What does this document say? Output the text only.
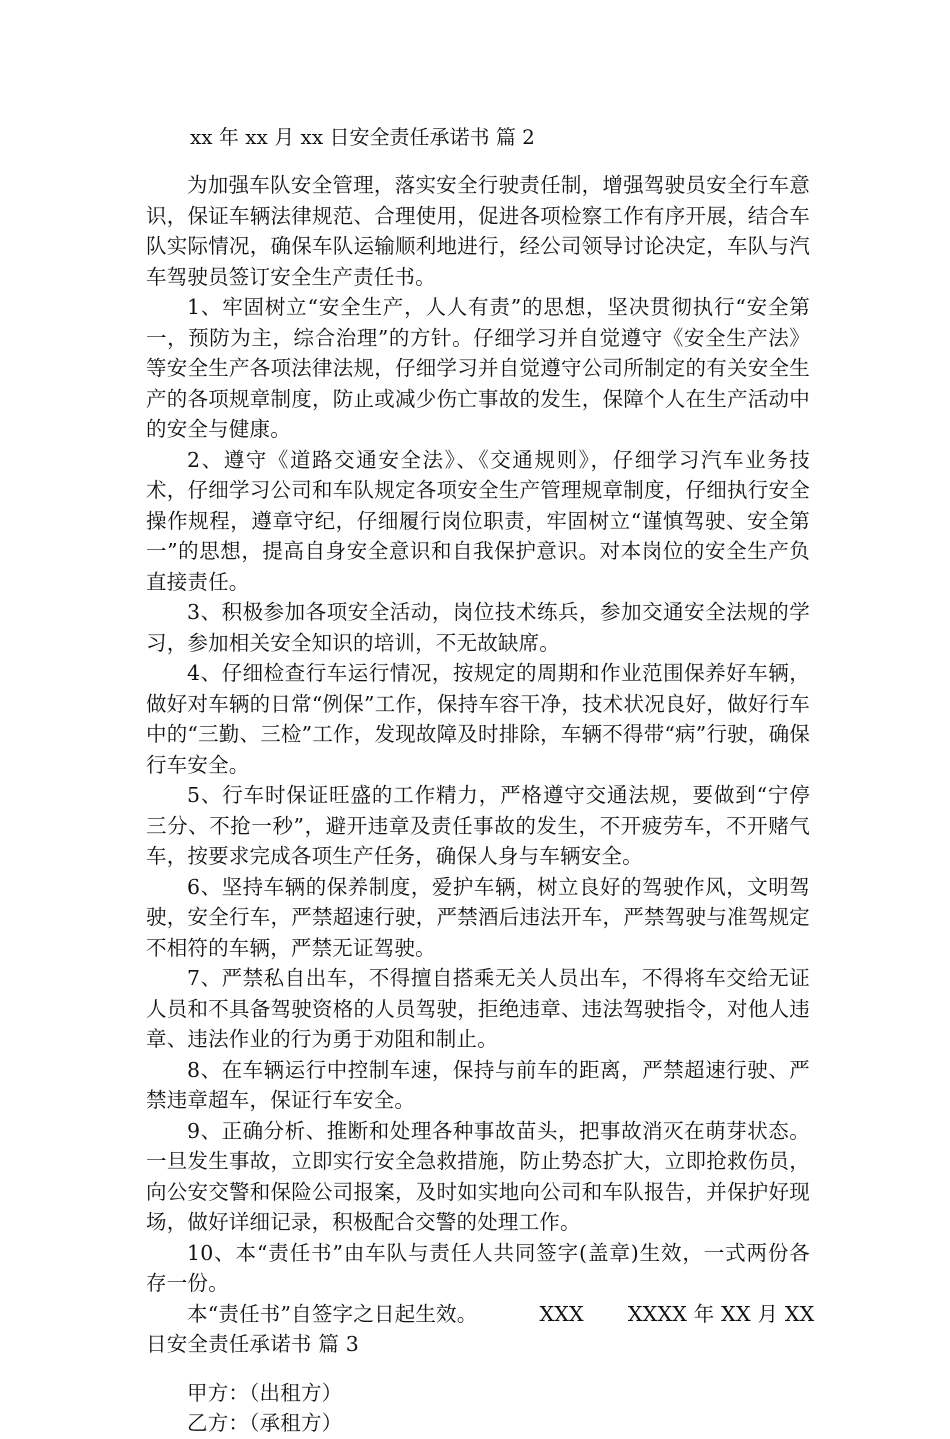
xx 年 xx 月 xx 日安全责任承诺书 篇 2

为加强车队安全管理，落实安全行驶责任制，增强驾驶员安全行车意识，保证车辆法律规范、合理使用，促进各项检察工作有序开展，结合车队实际情况，确保车队运输顺利地进行，经公司领导讨论决定，车队与汽车驾驶员签订安全生产责任书。

1、牢固树立“安全生产，人人有责”的思想，坚决贯彻执行“安全第一，预防为主，综合治理”的方针。仔细学习并自觉遵守《安全生产法》等安全生产各项法律法规，仔细学习并自觉遵守公司所制定的有关安全生产的各项规章制度，防止或减少伤亡事故的发生，保障个人在生产活动中的安全与健康。

2、遵守《道路交通安全法》、《交通规则》，仔细学习汽车业务技术，仔细学习公司和车队规定各项安全生产管理规章制度，仔细执行安全操作规程，遵章守纪，仔细履行岗位职责，牢固树立“谨慎驾驶、安全第一”的思想，提高自身安全意识和自我保护意识。对本岗位的安全生产负直接责任。

3、积极参加各项安全活动，岗位技术练兵，参加交通安全法规的学习，参加相关安全知识的培训，不无故缺席。

4、仔细检查行车运行情况，按规定的周期和作业范围保养好车辆，做好对车辆的日常“例保”工作，保持车容干净，技术状况良好，做好行车中的“三勤、三检”工作，发现故障及时排除，车辆不得带“病”行驶，确保行车安全。

5、行车时保证旺盛的工作精力，严格遵守交通法规，要做到“宁停三分、不抢一秒”，避开违章及责任事故的发生，不开疲劳车，不开赌气车，按要求完成各项生产任务，确保人身与车辆安全。

6、坚持车辆的保养制度，爱护车辆，树立良好的驾驶作风，文明驾驶，安全行车，严禁超速行驶，严禁酒后违法开车，严禁驾驶与准驾规定不相符的车辆，严禁无证驾驶。

7、严禁私自出车，不得擅自搭乘无关人员出车，不得将车交给无证人员和不具备驾驶资格的人员驾驶，拒绝违章、违法驾驶指令，对他人违章、违法作业的行为勇于劝阻和制止。

8、在车辆运行中控制车速，保持与前车的距离，严禁超速行驶、严禁违章超车，保证行车安全。

9、正确分析、推断和处理各种事故苗头，把事故消灭在萌芽状态。一旦发生事故，立即实行安全急救措施，防止势态扩大，立即抢救伤员，向公安交警和保险公司报案，及时如实地向公司和车队报告，并保护好现场，做好详细记录，积极配合交警的处理工作。

10、本“责任书”由车队与责任人共同签字(盖章)生效，一式两份各存一份。

本“责任书”自签字之日起生效。	XXX XXXX 年 XX 月 XX

日安全责任承诺书 篇 3

甲方：（出租方）

乙方：（承租方）
